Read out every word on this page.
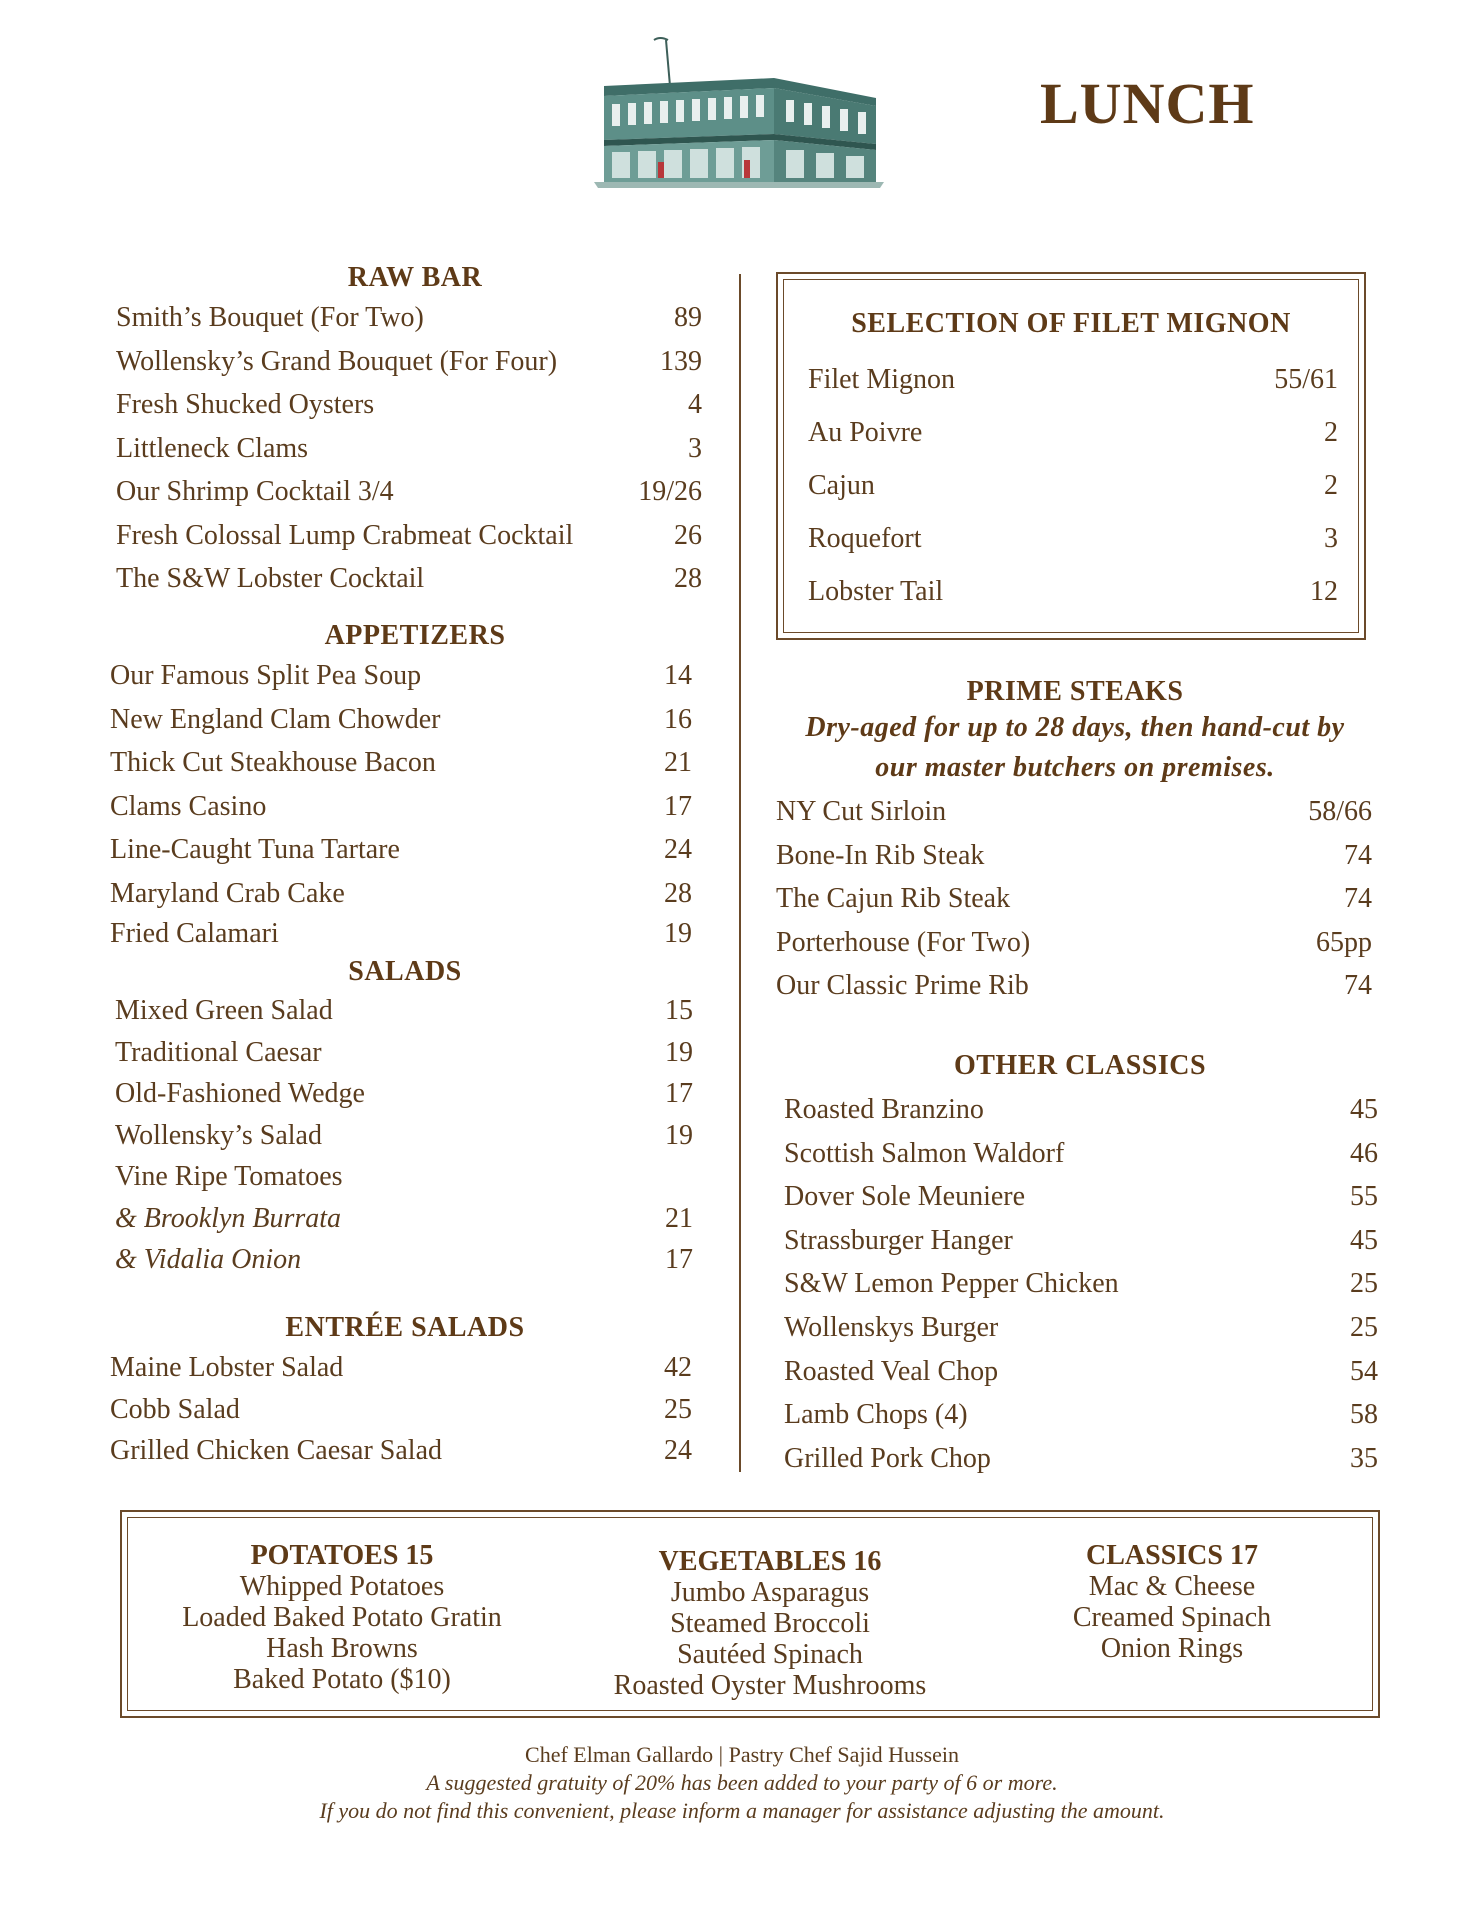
LUNCH
RAW BAR
Smith’s Bouquet (For Two)	89
Wollensky’s Grand Bouquet (For Four)	139
Fresh Shucked Oysters	4
Littleneck Clams	3
Our Shrimp Cocktail 3/4	19/26
Fresh Colossal Lump Crabmeat Cocktail	26
The S&W Lobster Cocktail	28
APPETIZERS
Our Famous Split Pea Soup	14
New England Clam Chowder	16
Thick Cut Steakhouse Bacon	21
Clams Casino	17
Line-Caught Tuna Tartare	24
Maryland Crab Cake	28
Fried Calamari	19
SALADS
Mixed Green Salad	15
Traditional Caesar	19
Old-Fashioned Wedge	17
Wollensky’s Salad	19
Vine Ripe Tomatoes
& Brooklyn Burrata	21
& Vidalia Onion	17
ENTRÉE SALADS
Maine Lobster Salad	42
Cobb Salad	25
Grilled Chicken Caesar Salad	24
SELECTION OF FILET MIGNON
Filet Mignon	55/61
Au Poivre	2
Cajun	2
Roquefort	3
Lobster Tail	12
PRIME STEAKS
Dry-aged for up to 28 days, then hand-cut by
our master butchers on premises.
NY Cut Sirloin	58/66
Bone-In Rib Steak	74
The Cajun Rib Steak	74
Porterhouse (For Two)	65pp
Our Classic Prime Rib	74
OTHER CLASSICS
Roasted Branzino	45
Scottish Salmon Waldorf	46
Dover Sole Meuniere	55
Strassburger Hanger	45
S&W Lemon Pepper Chicken	25
Wollenskys Burger	25
Roasted Veal Chop	54
Lamb Chops (4)	58
Grilled Pork Chop	35
POTATOES 15
Whipped Potatoes
Loaded Baked Potato Gratin
Hash Browns
Baked Potato ($10)
VEGETABLES 16
Jumbo Asparagus
Steamed Broccoli
Sautéed Spinach
Roasted Oyster Mushrooms
CLASSICS 17
Mac & Cheese
Creamed Spinach
Onion Rings
Chef Elman Gallardo | Pastry Chef Sajid Hussein
A suggested gratuity of 20% has been added to your party of 6 or more.
If you do not find this convenient, please inform a manager for assistance adjusting the amount.
